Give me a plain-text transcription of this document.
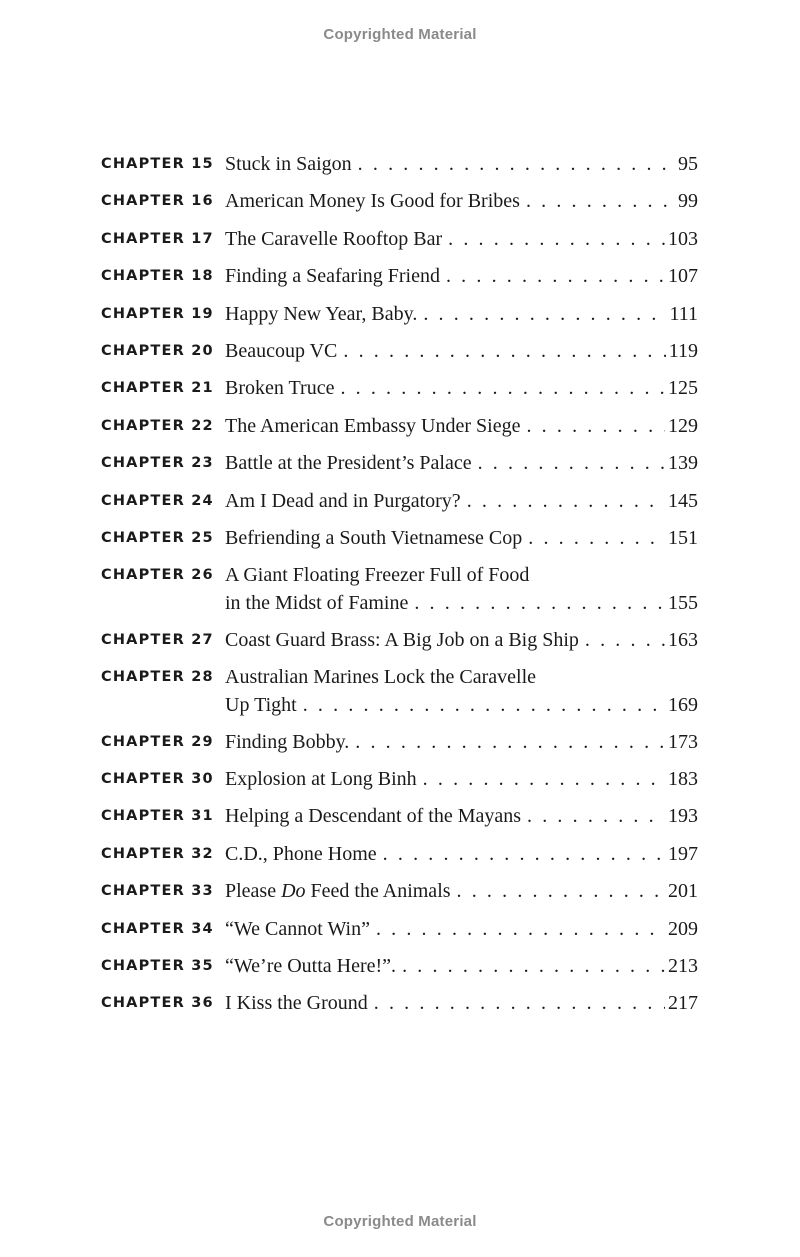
Copyrighted Material
CHAPTER 15 Stuck in Saigon . . .	95
CHAPTER 16 American Money Is Good for Bribes . . .	99
CHAPTER 17 The Caravelle Rooftop Bar . . .	103
CHAPTER 18 Finding a Seafaring Friend . . .	107
CHAPTER 19 Happy New Year, Baby. . . .	111
CHAPTER 20 Beaucoup VC . . .	119
CHAPTER 21 Broken Truce . . .	125
CHAPTER 22 The American Embassy Under Siege . . .	129
CHAPTER 23 Battle at the President’s Palace . . .	139
CHAPTER 24 Am I Dead and in Purgatory? . . .	145
CHAPTER 25 Befriending a South Vietnamese Cop . . .	151
CHAPTER 26 A Giant Floating Freezer Full of Food
in the Midst of Famine . . .	155
CHAPTER 27 Coast Guard Brass: A Big Job on a Big Ship . . .	163
CHAPTER 28 Australian Marines Lock the Caravelle
Up Tight . . .	169
CHAPTER 29 Finding Bobby. . . .	173
CHAPTER 30 Explosion at Long Binh . . .	183
CHAPTER 31 Helping a Descendant of the Mayans . . .	193
CHAPTER 32 C.D., Phone Home . . .	197
CHAPTER 33 Please Do Feed the Animals . . .	201
CHAPTER 34 “We Cannot Win” . . .	209
CHAPTER 35 “We’re Outta Here!”. . . .	213
CHAPTER 36 I Kiss the Ground . . .	217
Copyrighted Material
